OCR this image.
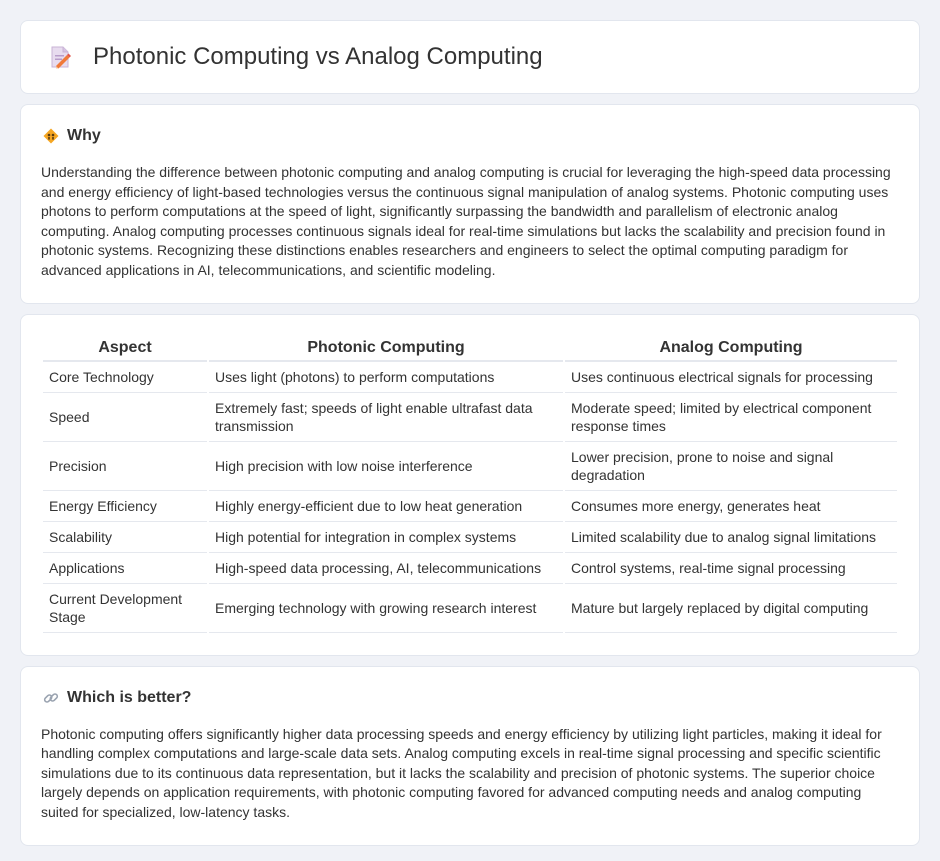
Photonic Computing vs Analog Computing
Why

Understanding the difference between photonic computing and analog computing is crucial for leveraging the high-speed data processing and energy efficiency of light-based technologies versus the continuous signal manipulation of analog systems. Photonic computing uses photons to perform computations at the speed of light, significantly surpassing the bandwidth and parallelism of electronic analog computing. Analog computing processes continuous signals ideal for real-time simulations but lacks the scalability and precision found in photonic systems. Recognizing these distinctions enables researchers and engineers to select the optimal computing paradigm for advanced applications in AI, telecommunications, and scientific modeling.

Aspect	Photonic Computing	Analog Computing
Core Technology	Uses light (photons) to perform computations	Uses continuous electrical signals for processing
Speed	Extremely fast; speeds of light enable ultrafast data transmission	Moderate speed; limited by electrical component response times
Precision	High precision with low noise interference	Lower precision, prone to noise and signal degradation
Energy Efficiency	Highly energy-efficient due to low heat generation	Consumes more energy, generates heat
Scalability	High potential for integration in complex systems	Limited scalability due to analog signal limitations
Applications	High-speed data processing, AI, telecommunications	Control systems, real-time signal processing
Current Development Stage	Emerging technology with growing research interest	Mature but largely replaced by digital computing
Which is better?

Photonic computing offers significantly higher data processing speeds and energy efficiency by utilizing light particles, making it ideal for handling complex computations and large-scale data sets. Analog computing excels in real-time signal processing and specific scientific simulations due to its continuous data representation, but it lacks the scalability and precision of photonic systems. The superior choice largely depends on application requirements, with photonic computing favored for advanced computing needs and analog computing suited for specialized, low-latency tasks.
